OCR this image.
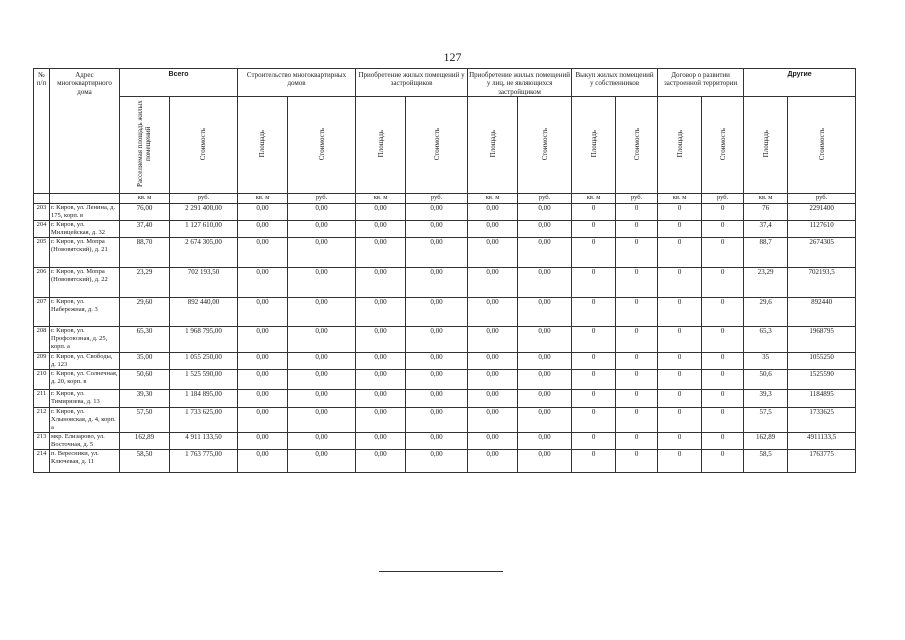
127
№
п/п	Адрес многоквартирного дома	Всего		Строительство многоквартирных домов		Приобретение жилых помещений у застройщиков		Приобретение жилых помещений у лиц, не являющихся застройщиком		Выкуп жилых помещений у собственников		Договор о развитии застроенной территории		Другие	
		Расселяемая площадь жилых помещений	Стоимость	Площадь	Стоимость	Площадь	Стоимость	Площадь	Стоимость	Площадь	Стоимость	Площадь	Стоимость	Площадь	Стоимость
		кв. м	руб.	кв. м	руб.	кв. м	руб.	кв. м	руб.	кв. м	руб.	кв. м	руб.	кв. м	руб.
203	г. Киров, ул. Ленина, д. 175, корп. в	76,00	2 291 400,00	0,00	0,00	0,00	0,00	0,00	0,00	0	0	0	0	76	2291400
204	г. Киров, ул. Милицейская, д. 32	37,40	1 127 610,00	0,00	0,00	0,00	0,00	0,00	0,00	0	0	0	0	37,4	1127610
205	г. Киров, ул. Мопра (Нововятский), д. 21	88,70	2 674 305,00	0,00	0,00	0,00	0,00	0,00	0,00	0	0	0	0	88,7	2674305
206	г. Киров, ул. Мопра (Нововятский), д. 22	23,29	702 193,50	0,00	0,00	0,00	0,00	0,00	0,00	0	0	0	0	23,29	702193,5
207	г. Киров, ул. Набережная, д. 3	29,60	892 440,00	0,00	0,00	0,00	0,00	0,00	0,00	0	0	0	0	29,6	892440
208	г. Киров, ул. Профсоюзная, д. 25, корп. а	65,30	1 968 795,00	0,00	0,00	0,00	0,00	0,00	0,00	0	0	0	0	65,3	1968795
209	г. Киров, ул. Свободы, д. 123	35,00	1 055 250,00	0,00	0,00	0,00	0,00	0,00	0,00	0	0	0	0	35	1055250
210	г. Киров, ул. Солнечная, д. 20, корп. в	50,60	1 525 590,00	0,00	0,00	0,00	0,00	0,00	0,00	0	0	0	0	50,6	1525590
211	г. Киров, ул. Тимирязева, д. 13	39,30	1 184 895,00	0,00	0,00	0,00	0,00	0,00	0,00	0	0	0	0	39,3	1184895
212	г. Киров, ул. Хлыновская, д. 4, корп. а	57,50	1 733 625,00	0,00	0,00	0,00	0,00	0,00	0,00	0	0	0	0	57,5	1733625
213	мкр. Елизарово, ул. Восточная, д. 5	162,89	4 911 133,50	0,00	0,00	0,00	0,00	0,00	0,00	0	0	0	0	162,89	4911133,5
214	п. Вересники, ул. Ключевая, д. 11	58,50	1 763 775,00	0,00	0,00	0,00	0,00	0,00	0,00	0	0	0	0	58,5	1763775
